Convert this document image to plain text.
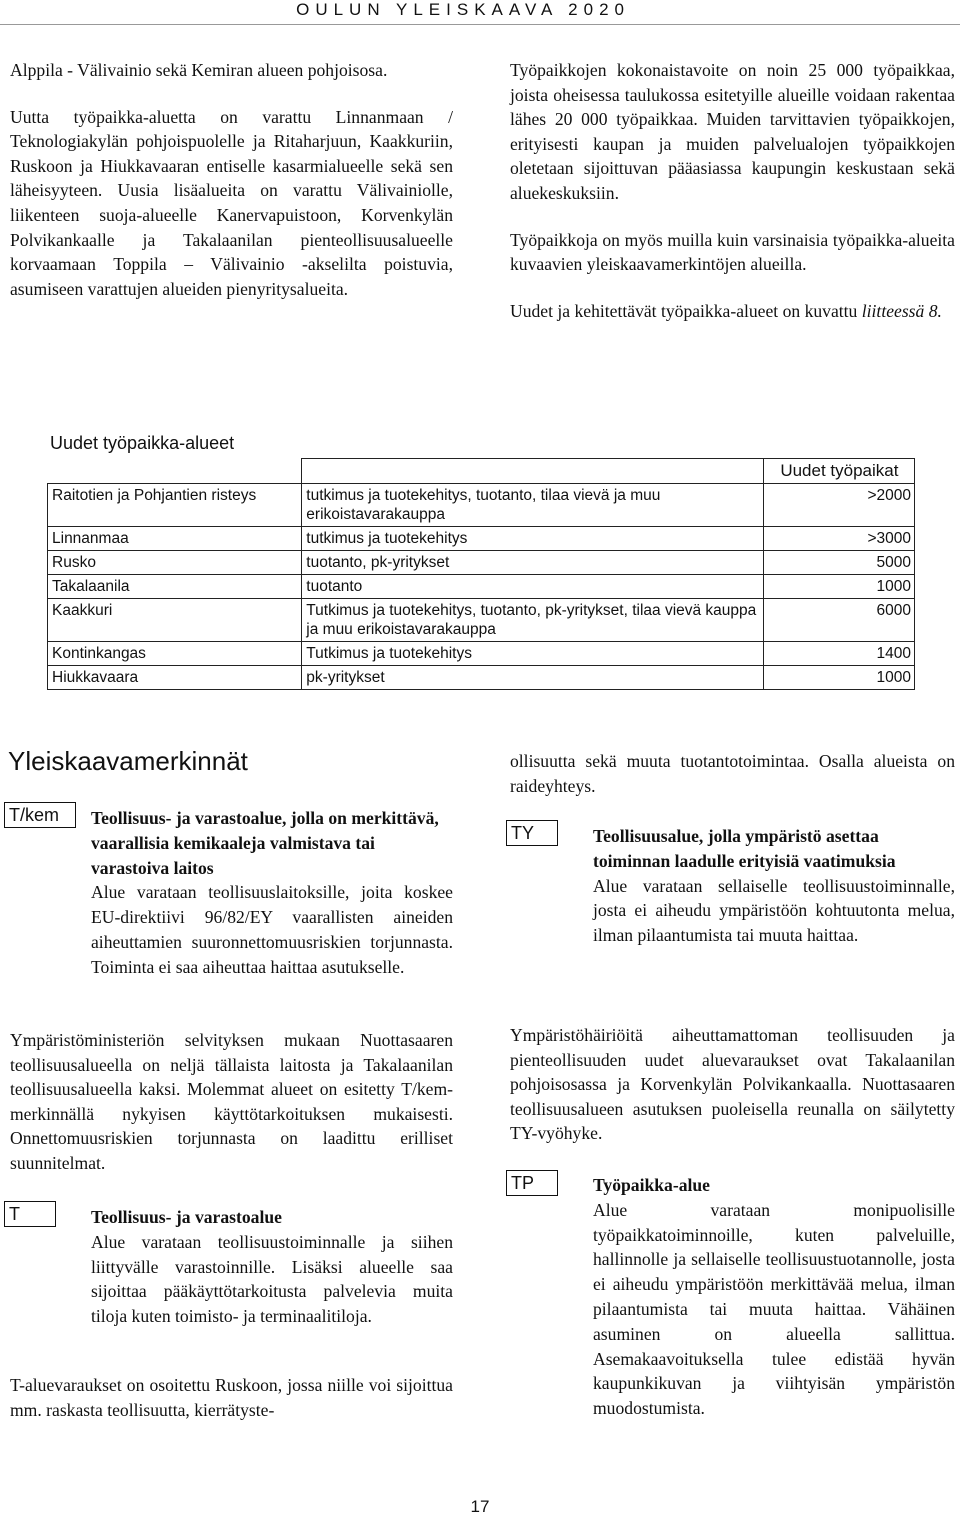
OULUN YLEISKAAVA 2020

Alppila - Välivainio sekä Kemiran alueen pohjoisosa.

Uutta työpaikka-aluetta on varattu Linnanmaan / Teknologiakylän pohjoispuolelle ja Ritaharjuun, Kaakkuriin, Ruskoon ja Hiukkavaaran entiselle kasarmialueelle sekä sen läheisyyteen. Uusia lisäalueita on varattu Välivainiolle, liikenteen suoja-alueelle Kanervapuistoon, Korvenkylän Polvikankaalle ja Takalaanilan pienteollisuusalueelle korvaamaan Toppila – Välivainio -akselilta poistuvia, asumiseen varattujen alueiden pienyritysalueita.

Työpaikkojen kokonaistavoite on noin 25 000 työpaikkaa, joista oheisessa taulukossa esitetyille alueille voidaan rakentaa lähes 20 000 työpaikkaa. Muiden tarvittavien työpaikkojen, erityisesti kaupan ja muiden palvelualojen työpaikkojen oletetaan sijoittuvan pääasiassa kaupungin keskustaan sekä aluekeskuksiin.

Työpaikkoja on myös muilla kuin varsinaisia työpaikka-alueita kuvaavien yleiskaavamerkintöjen alueilla.

Uudet ja kehitettävät työpaikka-alueet on kuvattu liitteessä 8.

Uudet työpaikka-alueet
		Uudet työpaikat
Raitotien ja Pohjantien risteys	tutkimus ja tuotekehitys, tuotanto, tilaa vievä ja muu erikoistavarakauppa	>2000
Linnanmaa	tutkimus ja tuotekehitys	>3000
Rusko	tuotanto, pk-yritykset	5000
Takalaanila	tuotanto	1000
Kaakkuri	Tutkimus ja tuotekehitys, tuotanto, pk-yritykset, tilaa vievä kauppa ja muu erikoistavarakauppa	6000
Kontinkangas	Tutkimus ja tuotekehitys	1400
Hiukkavaara	pk-yritykset	1000
Yleiskaavamerkinnät
T/kem	Teollisuus- ja varastoalue, jolla on merkittävä, vaarallisia kemikaaleja valmistava tai varastoiva laitos
Alue varataan teollisuuslaitoksille, joita koskee EU-direktiivi 96/82/EY vaarallisten aineiden aiheuttamien suuronnettomuusriskien torjunnasta. Toiminta ei saa aiheuttaa haittaa asutukselle.

Ympäristöministeriön selvityksen mukaan Nuottasaaren teollisuusalueella on neljä tällaista laitosta ja Takalaanilan teollisuusalueella kaksi. Molemmat alueet on esitetty T/kem-merkinnällä nykyisen käyttötarkoituksen mukaisesti. Onnettomuusriskien torjunnasta on laadittu erilliset suunnitelmat.

T	Teollisuus- ja varastoalue
Alue varataan teollisuustoiminnalle ja siihen liittyvälle varastoinnille. Lisäksi alueelle saa sijoittaa pääkäyttötarkoitusta palvelevia muita tiloja kuten toimisto- ja terminaalitiloja.

T-aluevaraukset on osoitettu Ruskoon, jossa niille voi sijoittua mm. raskasta teollisuutta, kierrätyste-

ollisuutta sekä muuta tuotantotoimintaa. Osalla alueista on raideyhteys.

TY	Teollisuusalue, jolla ympäristö asettaa toiminnan laadulle erityisiä vaatimuksia
Alue varataan sellaiselle teollisuustoiminnalle, josta ei aiheudu ympäristöön kohtuutonta melua, ilman pilaantumista tai muuta haittaa.

Ympäristöhäiriöitä aiheuttamattoman teollisuuden ja pienteollisuuden uudet aluevaraukset ovat Takalaanilan pohjoisosassa ja Korvenkylän Polvikankaalla. Nuottasaaren teollisuusalueen asutuksen puoleisella reunalla on säilytetty TY-vyöhyke.

TP	Työpaikka-alue
Alue varataan monipuolisille työpaikkatoiminnoille, kuten palveluille, hallinnolle ja sellaiselle teollisuustuotannolle, josta ei aiheudu ympäristöön merkittävää melua, ilman pilaantumista tai muuta haittaa. Vähäinen asuminen on alueella sallittua. Asemakaavoituksella tulee edistää hyvän kaupunkikuvan ja viihtyisän ympäristön muodostumista.

17
